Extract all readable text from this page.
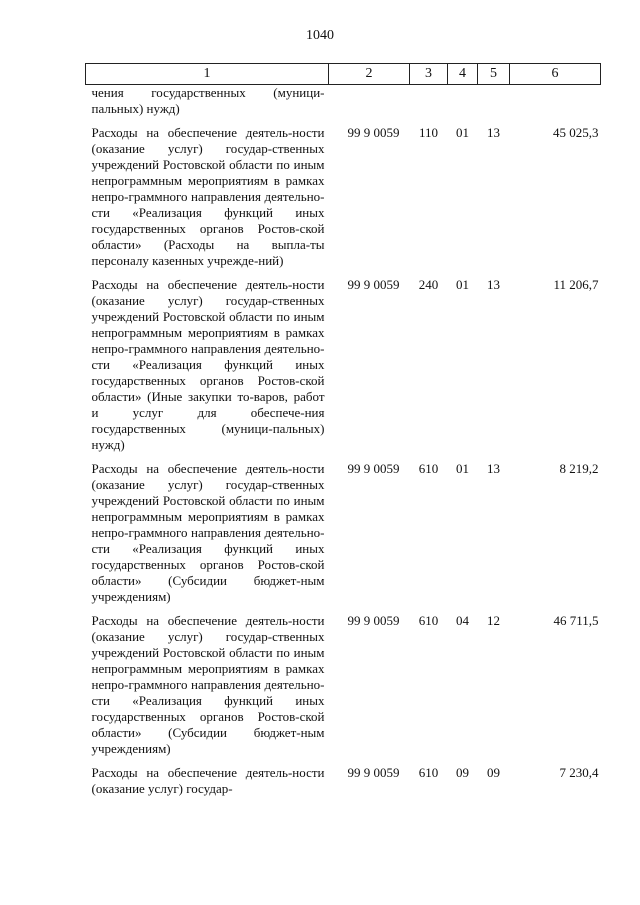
1040
1	2	3	4	5	6
чения государственных (муници-пальных) нужд)					

Расходы на обеспечение деятель-ности (оказание услуг) государ-ственных учреждений Ростовской области по иным непрограммным мероприятиям в рамках непро-граммного направления деятельно-сти «Реализация функций иных государственных органов Ростов-ской области» (Расходы на выпла-ты персоналу казенных учрежде-ний)	99 9 0059	110	01	13	45 025,3

Расходы на обеспечение деятель-ности (оказание услуг) государ-ственных учреждений Ростовской области по иным непрограммным мероприятиям в рамках непро-граммного направления деятельно-сти «Реализация функций иных государственных органов Ростов-ской области» (Иные закупки то-варов, работ и услуг для обеспече-ния государственных (муници-пальных) нужд)	99 9 0059	240	01	13	11 206,7

Расходы на обеспечение деятель-ности (оказание услуг) государ-ственных учреждений Ростовской области по иным непрограммным мероприятиям в рамках непро-граммного направления деятельно-сти «Реализация функций иных государственных органов Ростов-ской области» (Субсидии бюджет-ным учреждениям)	99 9 0059	610	01	13	8 219,2

Расходы на обеспечение деятель-ности (оказание услуг) государ-ственных учреждений Ростовской области по иным непрограммным мероприятиям в рамках непро-граммного направления деятельно-сти «Реализация функций иных государственных органов Ростов-ской области» (Субсидии бюджет-ным учреждениям)	99 9 0059	610	04	12	46 711,5

Расходы на обеспечение деятель-ности (оказание услуг) государ-	99 9 0059	610	09	09	7 230,4
